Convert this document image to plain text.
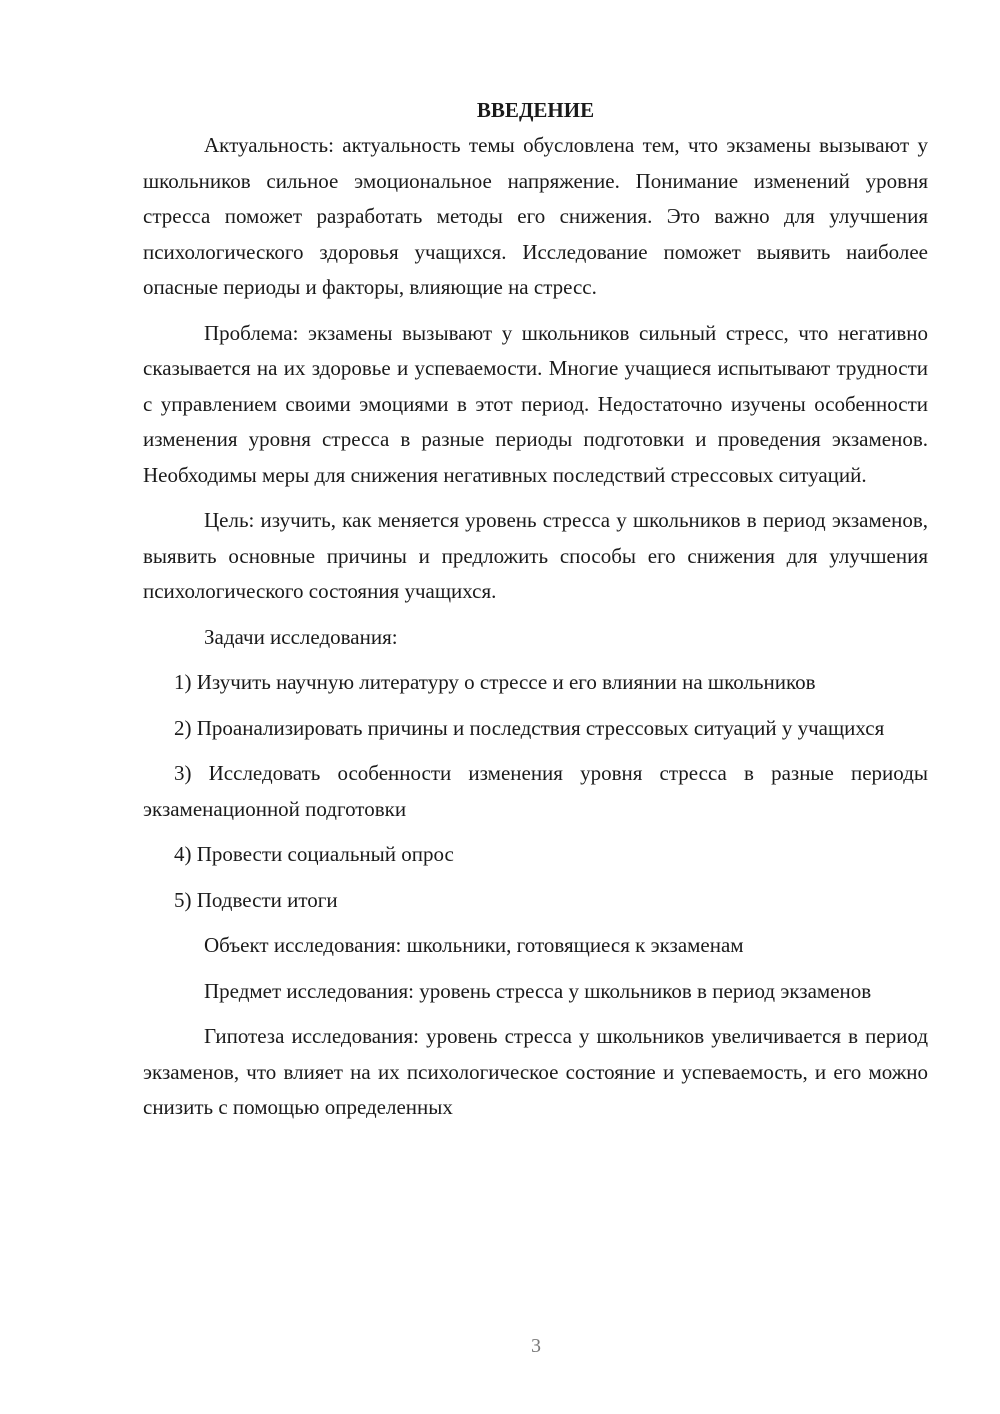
ВВЕДЕНИЕ

Актуальность: актуальность темы обусловлена тем, что экзамены вызывают у школьников сильное эмоциональное напряжение. Понимание изменений уровня стресса поможет разработать методы его снижения. Это важно для улучшения психологического здоровья учащихся. Исследование поможет выявить наиболее опасные периоды и факторы, влияющие на стресс.

Проблема: экзамены вызывают у школьников сильный стресс, что негативно сказывается на их здоровье и успеваемости. Многие учащиеся испытывают трудности с управлением своими эмоциями в этот период. Недостаточно изучены особенности изменения уровня стресса в разные периоды подготовки и проведения экзаменов. Необходимы меры для снижения негативных последствий стрессовых ситуаций.

Цель: изучить, как меняется уровень стресса у школьников в период экзаменов, выявить основные причины и предложить способы его снижения для улучшения психологического состояния учащихся.

Задачи исследования:

1) Изучить научную литературу о стрессе и его влиянии на школьников

2) Проанализировать причины и последствия стрессовых ситуаций у учащихся

3) Исследовать особенности изменения уровня стресса в разные периоды экзаменационной подготовки

4) Провести социальный опрос

5) Подвести итоги

Объект исследования: школьники, готовящиеся к экзаменам

Предмет исследования: уровень стресса у школьников в период экзаменов

Гипотеза исследования: уровень стресса у школьников увеличивается в период экзаменов, что влияет на их психологическое состояние и успеваемость, и его можно снизить с помощью определенных

3
